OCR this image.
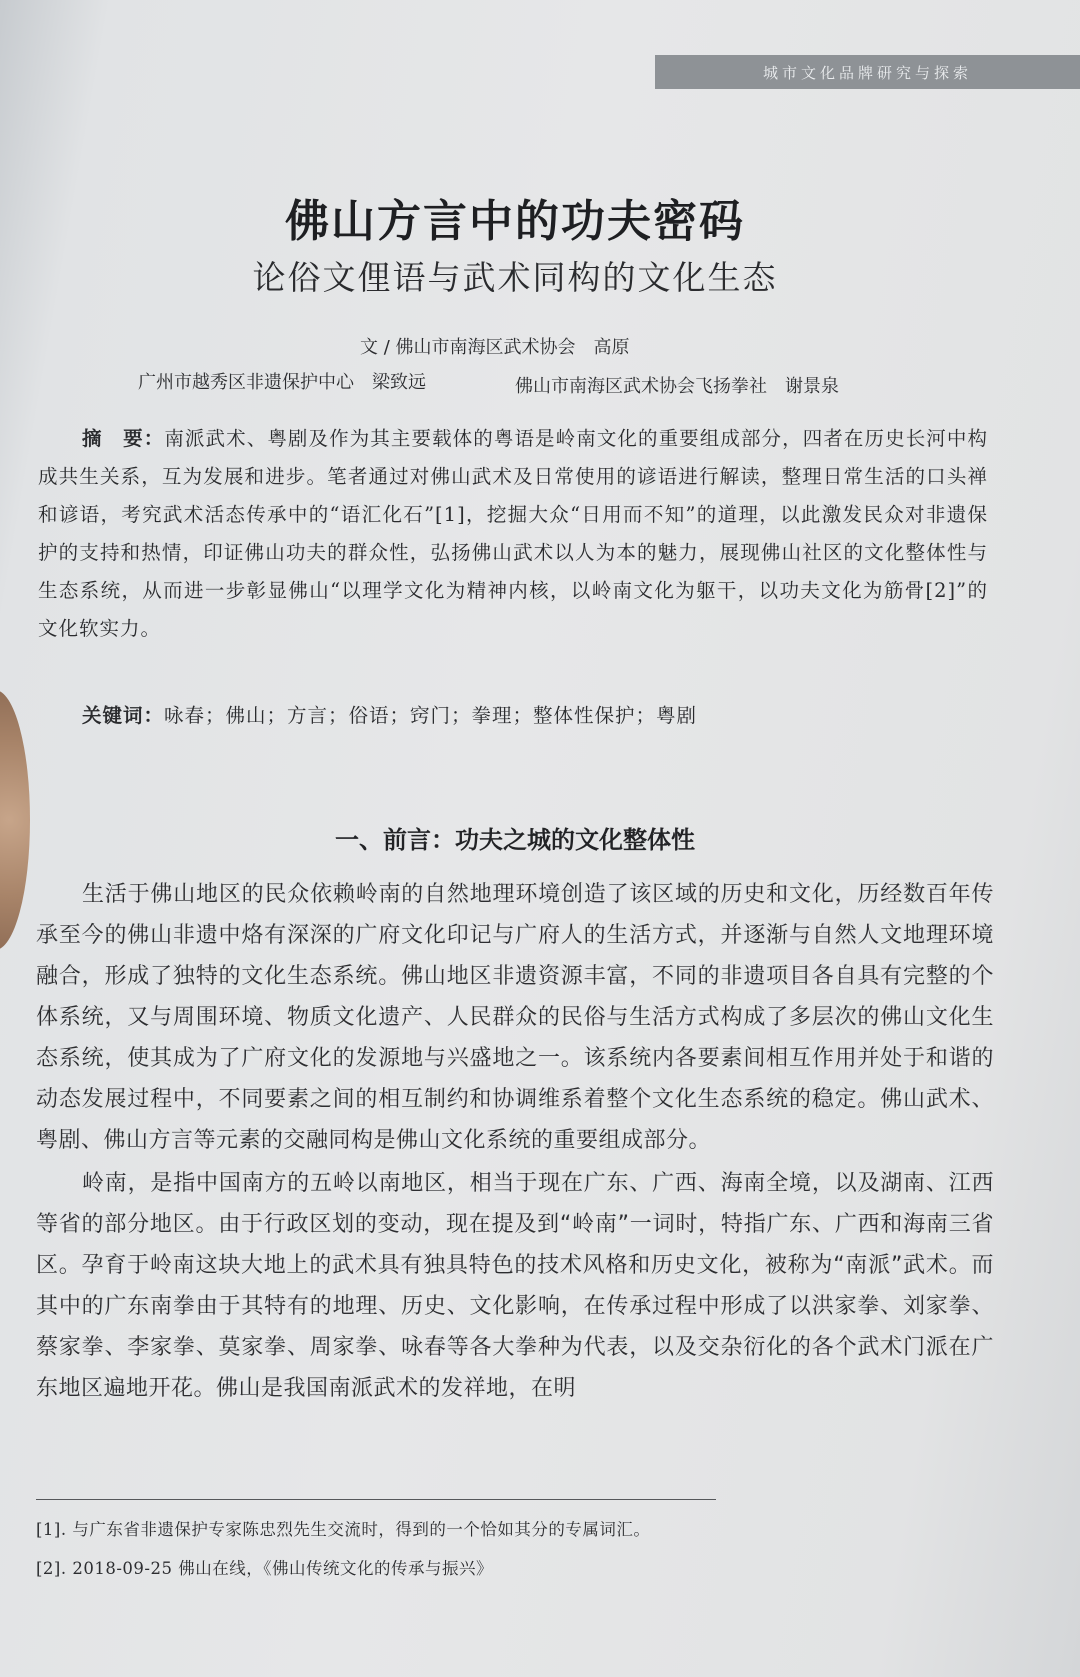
城市文化品牌研究与探索
佛山方言中的功夫密码
论俗文俚语与武术同构的文化生态
文 / 佛山市南海区武术协会　高原
广州市越秀区非遗保护中心　梁致远	佛山市南海区武术协会飞扬拳社　谢景泉
摘　要：南派武术、粤剧及作为其主要载体的粤语是岭南文化的重要组成部分，四者在历史长河中构成共生关系，互为发展和进步。笔者通过对佛山武术及日常使用的谚语进行解读，整理日常生活的口头禅和谚语，考究武术活态传承中的“语汇化石”[1]，挖掘大众“日用而不知”的道理，以此激发民众对非遗保护的支持和热情，印证佛山功夫的群众性，弘扬佛山武术以人为本的魅力，展现佛山社区的文化整体性与生态系统，从而进一步彰显佛山“以理学文化为精神内核，以岭南文化为躯干，以功夫文化为筋骨[2]”的文化软实力。
关键词：咏春；佛山；方言；俗语；窍门；拳理；整体性保护；粤剧
一、前言：功夫之城的文化整体性

生活于佛山地区的民众依赖岭南的自然地理环境创造了该区域的历史和文化，历经数百年传承至今的佛山非遗中烙有深深的广府文化印记与广府人的生活方式，并逐渐与自然人文地理环境融合，形成了独特的文化生态系统。佛山地区非遗资源丰富，不同的非遗项目各自具有完整的个体系统，又与周围环境、物质文化遗产、人民群众的民俗与生活方式构成了多层次的佛山文化生态系统，使其成为了广府文化的发源地与兴盛地之一。该系统内各要素间相互作用并处于和谐的动态发展过程中，不同要素之间的相互制约和协调维系着整个文化生态系统的稳定。佛山武术、粤剧、佛山方言等元素的交融同构是佛山文化系统的重要组成部分。

岭南，是指中国南方的五岭以南地区，相当于现在广东、广西、海南全境，以及湖南、江西等省的部分地区。由于行政区划的变动，现在提及到“岭南”一词时，特指广东、广西和海南三省区。孕育于岭南这块大地上的武术具有独具特色的技术风格和历史文化，被称为“南派”武术。而其中的广东南拳由于其特有的地理、历史、文化影响，在传承过程中形成了以洪家拳、刘家拳、蔡家拳、李家拳、莫家拳、周家拳、咏春等各大拳种为代表，以及交杂衍化的各个武术门派在广东地区遍地开花。佛山是我国南派武术的发祥地，在明

[1]. 与广东省非遗保护专家陈忠烈先生交流时，得到的一个恰如其分的专属词汇。
[2]. 2018-09-25 佛山在线，《佛山传统文化的传承与振兴》
